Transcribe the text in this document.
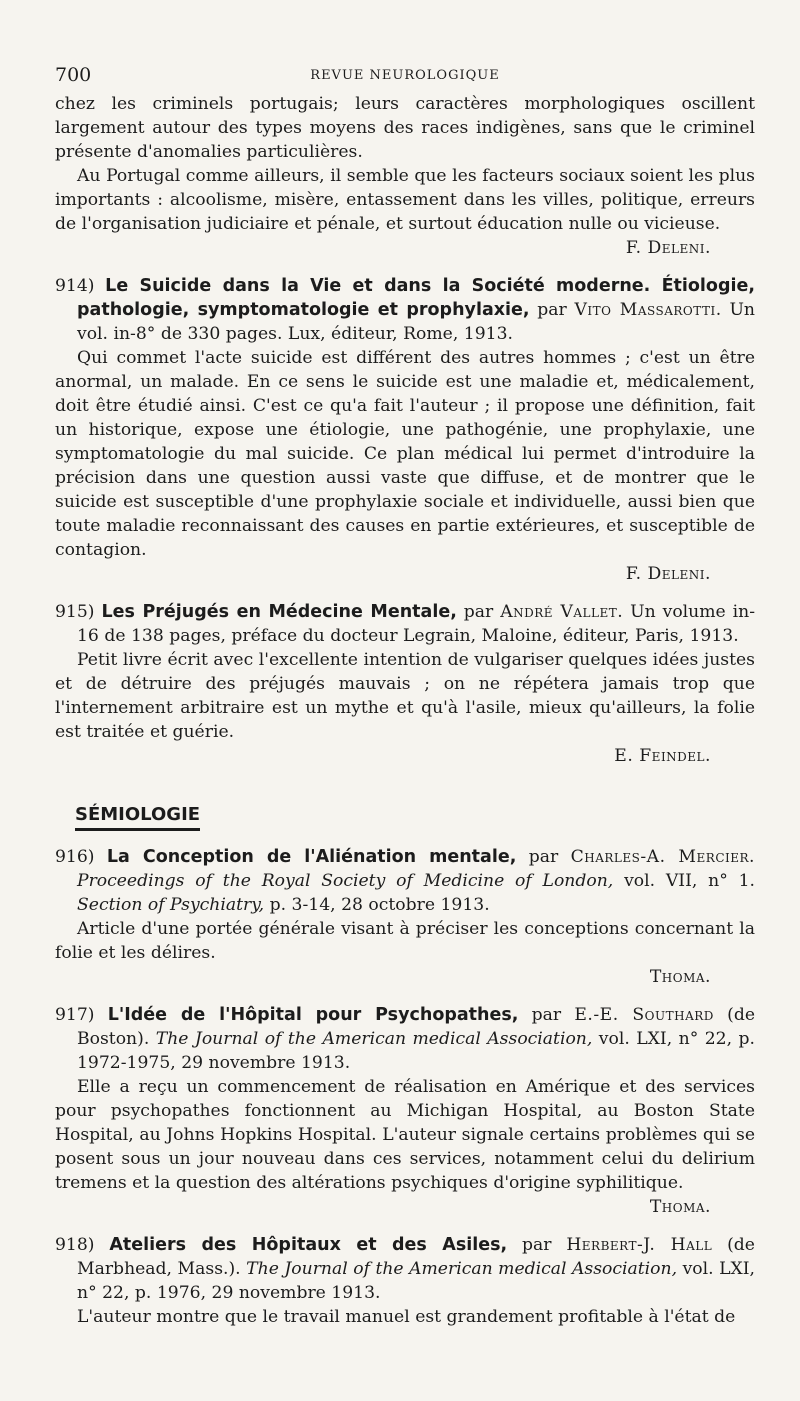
700	REVUE NEUROLOGIQUE

chez les criminels portugais; leurs caractères morphologiques oscillent largement autour des types moyens des races indigènes, sans que le criminel présente d'anomalies particulières.

Au Portugal comme ailleurs, il semble que les facteurs sociaux soient les plus importants : alcoolisme, misère, entassement dans les villes, politique, erreurs de l'organisation judiciaire et pénale, et surtout éducation nulle ou vicieuse.
F. Deleni.

914) Le Suicide dans la Vie et dans la Société moderne. Étiologie, pathologie, symptomatologie et prophylaxie, par Vito Massarotti. Un vol. in-8° de 330 pages. Lux, éditeur, Rome, 1913.

Qui commet l'acte suicide est différent des autres hommes ; c'est un être anormal, un malade. En ce sens le suicide est une maladie et, médicalement, doit être étudié ainsi. C'est ce qu'a fait l'auteur ; il propose une définition, fait un historique, expose une étiologie, une pathogénie, une prophylaxie, une symptomatologie du mal suicide. Ce plan médical lui permet d'introduire la précision dans une question aussi vaste que diffuse, et de montrer que le suicide est susceptible d'une prophylaxie sociale et individuelle, aussi bien que toute maladie reconnaissant des causes en partie extérieures, et susceptible de contagion.
F. Deleni.

915) Les Préjugés en Médecine Mentale, par André Vallet. Un volume in-16 de 138 pages, préface du docteur Legrain, Maloine, éditeur, Paris, 1913.

Petit livre écrit avec l'excellente intention de vulgariser quelques idées justes et de détruire des préjugés mauvais ; on ne répétera jamais trop que l'internement arbitraire est un mythe et qu'à l'asile, mieux qu'ailleurs, la folie est traitée et guérie.
E. Feindel.

SÉMIOLOGIE

916) La Conception de l'Aliénation mentale, par Charles-A. Mercier. Proceedings of the Royal Society of Medicine of London, vol. VII, n° 1. Section of Psychiatry, p. 3-14, 28 octobre 1913.

Article d'une portée générale visant à préciser les conceptions concernant la folie et les délires.
Thoma.

917) L'Idée de l'Hôpital pour Psychopathes, par E.-E. Southard (de Boston). The Journal of the American medical Association, vol. LXI, n° 22, p. 1972-1975, 29 novembre 1913.

Elle a reçu un commencement de réalisation en Amérique et des services pour psychopathes fonctionnent au Michigan Hospital, au Boston State Hospital, au Johns Hopkins Hospital. L'auteur signale certains problèmes qui se posent sous un jour nouveau dans ces services, notamment celui du delirium tremens et la question des altérations psychiques d'origine syphilitique.
Thoma.

918) Ateliers des Hôpitaux et des Asiles, par Herbert-J. Hall (de Marbhead, Mass.). The Journal of the American medical Association, vol. LXI, n° 22, p. 1976, 29 novembre 1913.

L'auteur montre que le travail manuel est grandement profitable à l'état de
